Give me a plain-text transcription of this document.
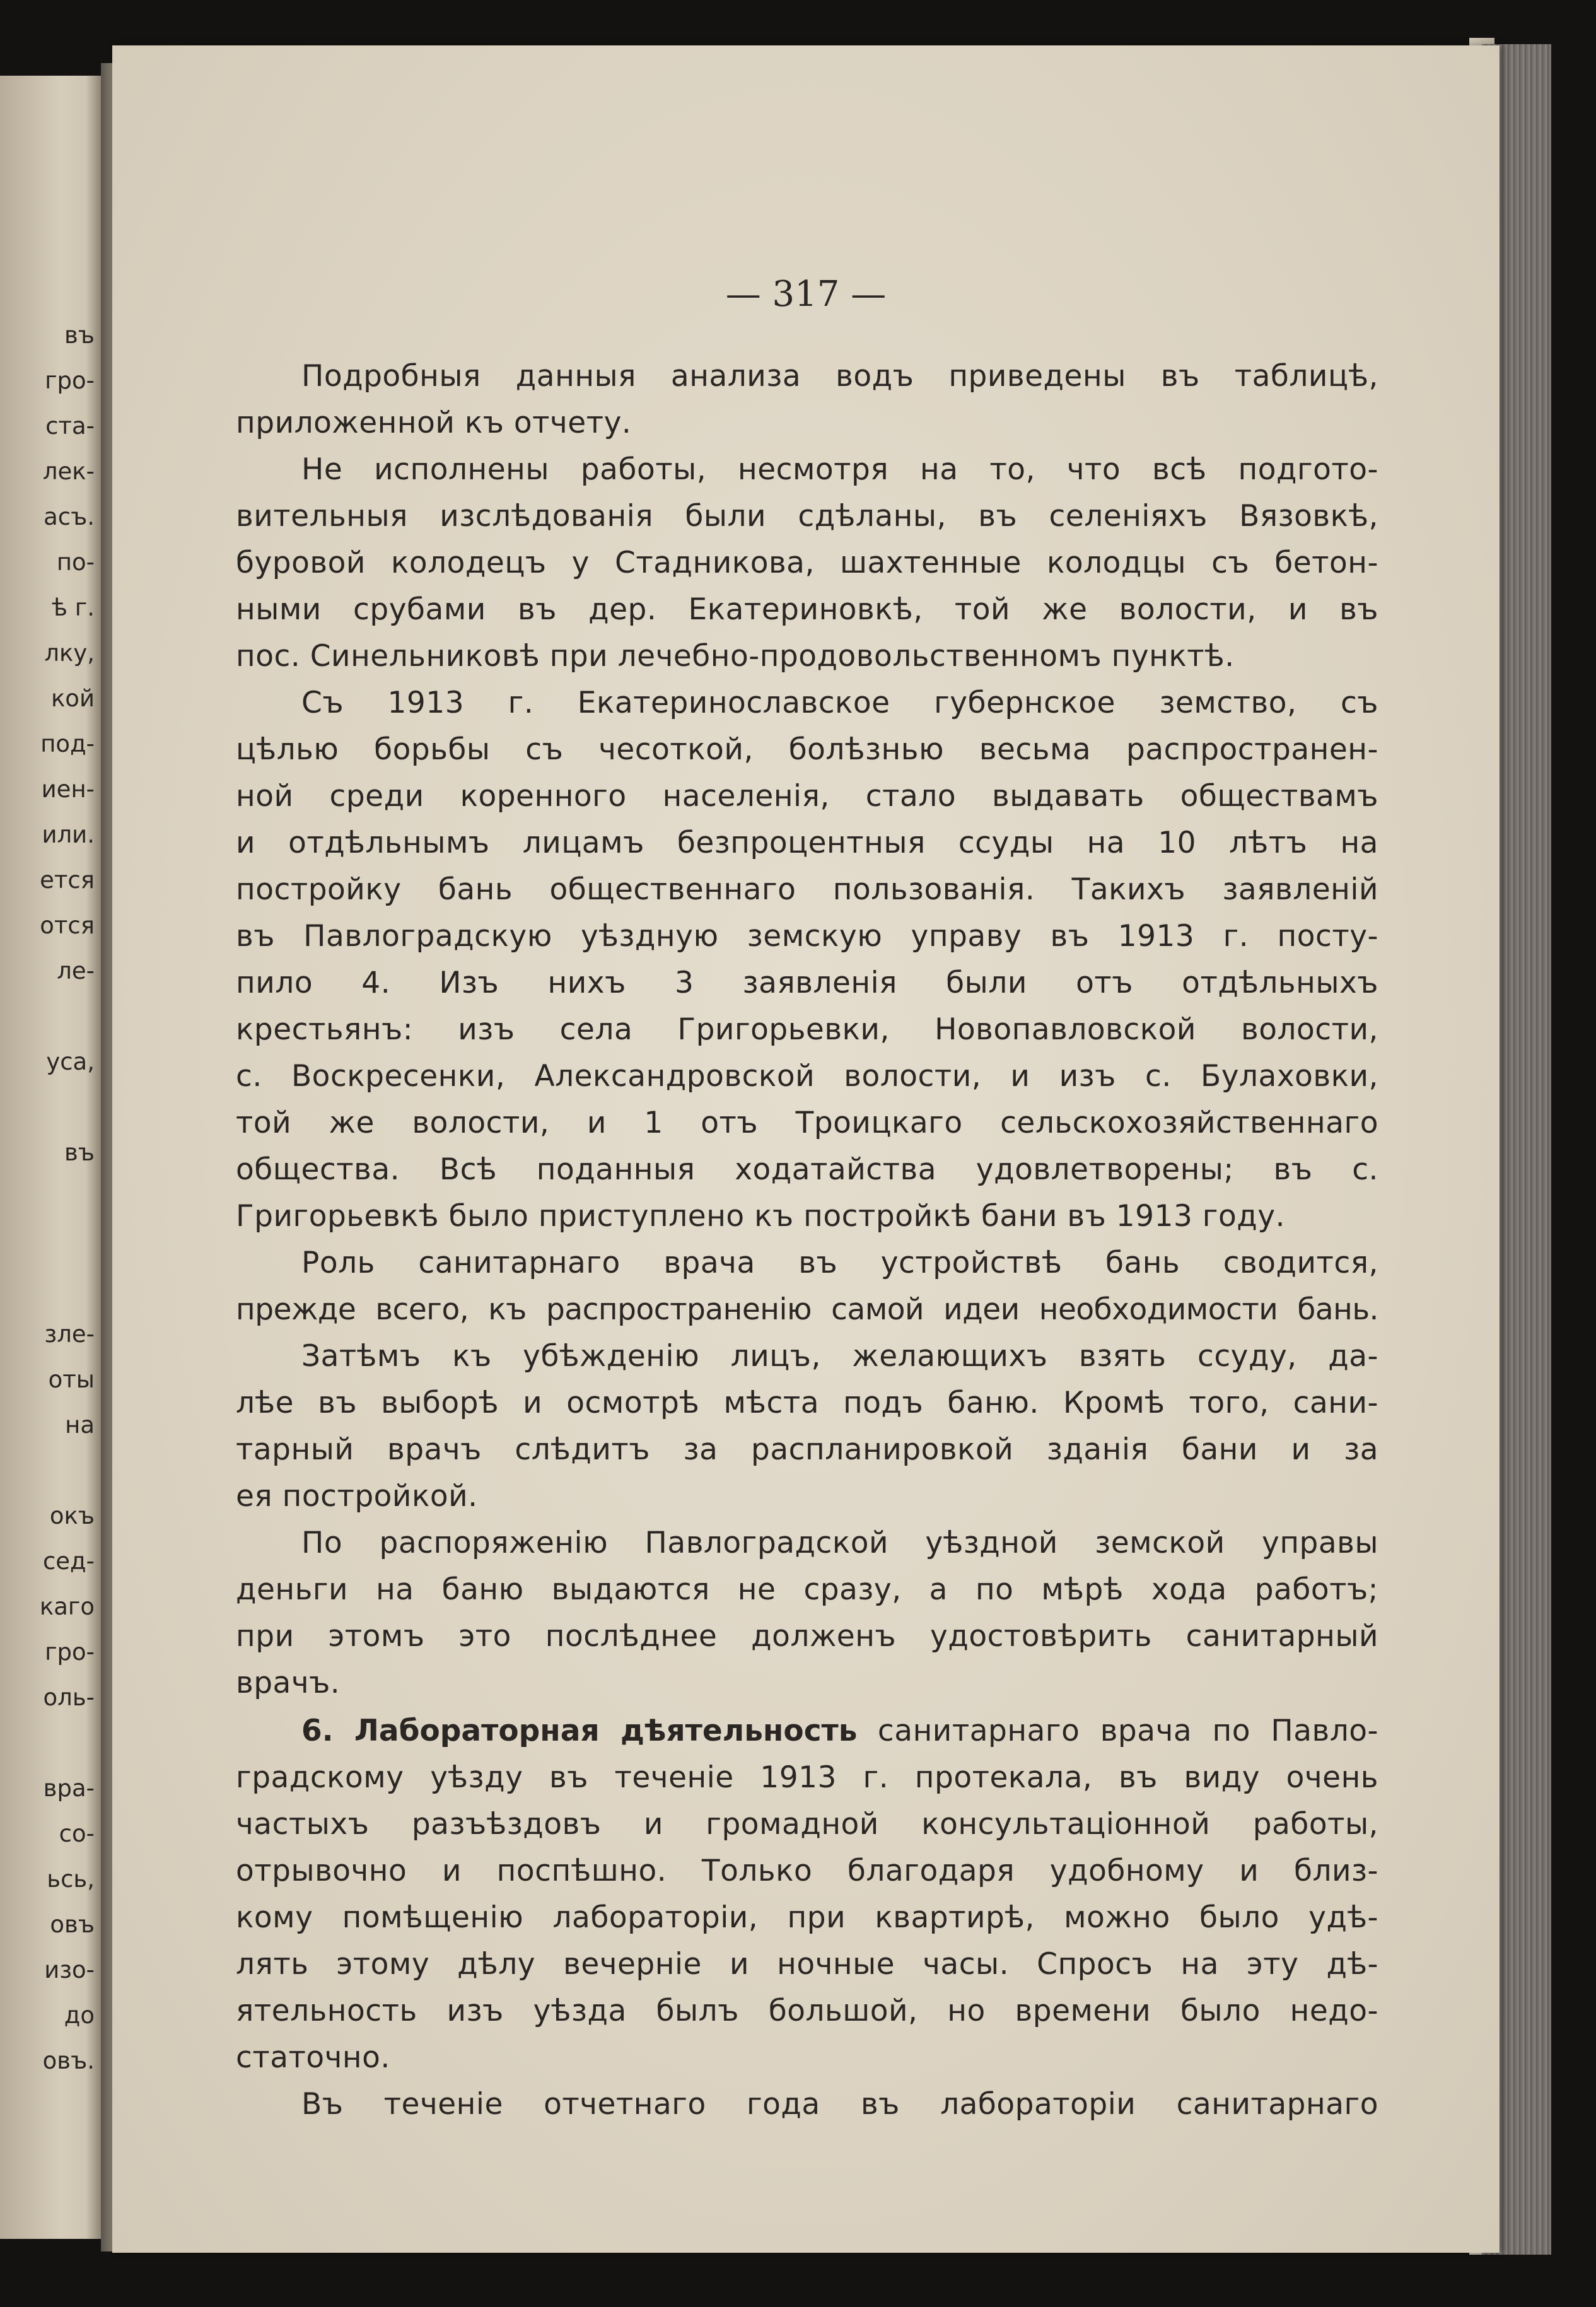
въ
гро-
ста-
лек-
асъ.
по-
ѣ г.
лку,
кой
под-
иен-
или.
ется
отся
ле-
уса,
въ
зле-
оты
на
окъ
сед-
каго
гро-
оль-
вра-
со-
ьсь,
овъ
изо-
до
овъ.
— 317 —
Подробныя данныя анализа водъ приведены въ таблицѣ,
приложенной къ отчету.
Не исполнены работы, несмотря на то, что всѣ подгото-
вительныя изслѣдованія были сдѣланы, въ селеніяхъ Вязовкѣ,
буровой колодецъ у Стадникова, шахтенные колодцы съ бетон-
ными срубами въ дер. Екатериновкѣ, той же волости, и въ
пос. Синельниковѣ при лечебно-продовольственномъ пунктѣ.
Съ 1913 г. Екатеринославское губернское земство, съ
цѣлью борьбы съ чесоткой, болѣзнью весьма распространен-
ной среди коренного населенія, стало выдавать обществамъ
и отдѣльнымъ лицамъ безпроцентныя ссуды на 10 лѣтъ на
постройку бань общественнаго пользованія. Такихъ заявленій
въ Павлоградскую уѣздную земскую управу въ 1913 г. посту-
пило 4. Изъ нихъ 3 заявленія были отъ отдѣльныхъ
крестьянъ: изъ села Григорьевки, Новопавловской волости,
с. Воскресенки, Александровской волости, и изъ с. Булаховки,
той же волости, и 1 отъ Троицкаго сельскохозяйственнаго
общества. Всѣ поданныя ходатайства удовлетворены; въ с.
Григорьевкѣ было приступлено къ постройкѣ бани въ 1913 году.
Роль санитарнаго врача въ устройствѣ бань сводится,
прежде всего, къ распространенію самой идеи необходимости бань.
Затѣмъ къ убѣжденію лицъ, желающихъ взять ссуду, да-
лѣе въ выборѣ и осмотрѣ мѣста подъ баню. Кромѣ того, сани-
тарный врачъ слѣдитъ за распланировкой зданія бани и за
ея постройкой.
По распоряженію Павлоградской уѣздной земской управы
деньги на баню выдаются не сразу, а по мѣрѣ хода работъ;
при этомъ это послѣднее долженъ удостовѣрить санитарный
врачъ.
6. Лабораторная дѣятельность санитарнаго врача по Павло-
градскому уѣзду въ теченіе 1913 г. протекала, въ виду очень
частыхъ разъѣздовъ и громадной консультаціонной работы,
отрывочно и поспѣшно. Только благодаря удобному и близ-
кому помѣщенію лабораторіи, при квартирѣ, можно было удѣ-
лять этому дѣлу вечерніе и ночные часы. Спросъ на эту дѣ-
ятельность изъ уѣзда былъ большой, но времени было недо-
статочно.
Въ теченіе отчетнаго года въ лабораторіи санитарнаго
